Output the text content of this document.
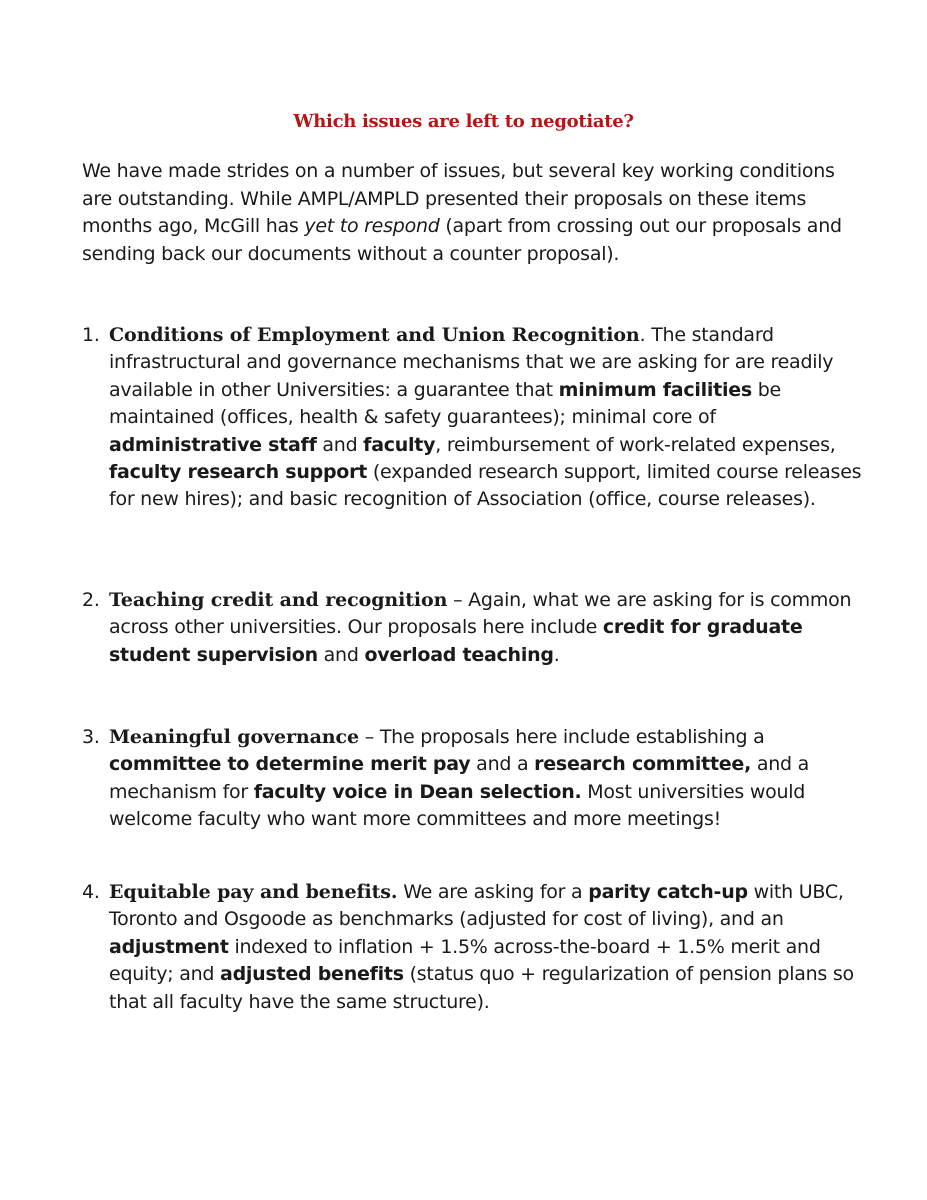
Which issues are left to negotiate?

We have made strides on a number of issues, but several key working conditions are outstanding. While AMPL/AMPLD presented their proposals on these items months ago, McGill has yet to respond (apart from crossing out our proposals and sending back our documents without a counter proposal).

1. Conditions of Employment and Union Recognition. The standard infrastructural and governance mechanisms that we are asking for are readily available in other Universities: a guarantee that minimum facilities be maintained (offices, health & safety guarantees); minimal core of administrative staff and faculty, reimbursement of work-related expenses, faculty research support (expanded research support, limited course releases for new hires); and basic recognition of Association (office, course releases).
2. Teaching credit and recognition – Again, what we are asking for is common across other universities. Our proposals here include credit for graduate student supervision and overload teaching.
3. Meaningful governance – The proposals here include establishing a committee to determine merit pay and a research committee, and a mechanism for faculty voice in Dean selection. Most universities would welcome faculty who want more committees and more meetings!
4. Equitable pay and benefits. We are asking for a parity catch-up with UBC, Toronto and Osgoode as benchmarks (adjusted for cost of living), and an adjustment indexed to inflation + 1.5% across-the-board + 1.5% merit and equity; and adjusted benefits (status quo + regularization of pension plans so that all faculty have the same structure).
